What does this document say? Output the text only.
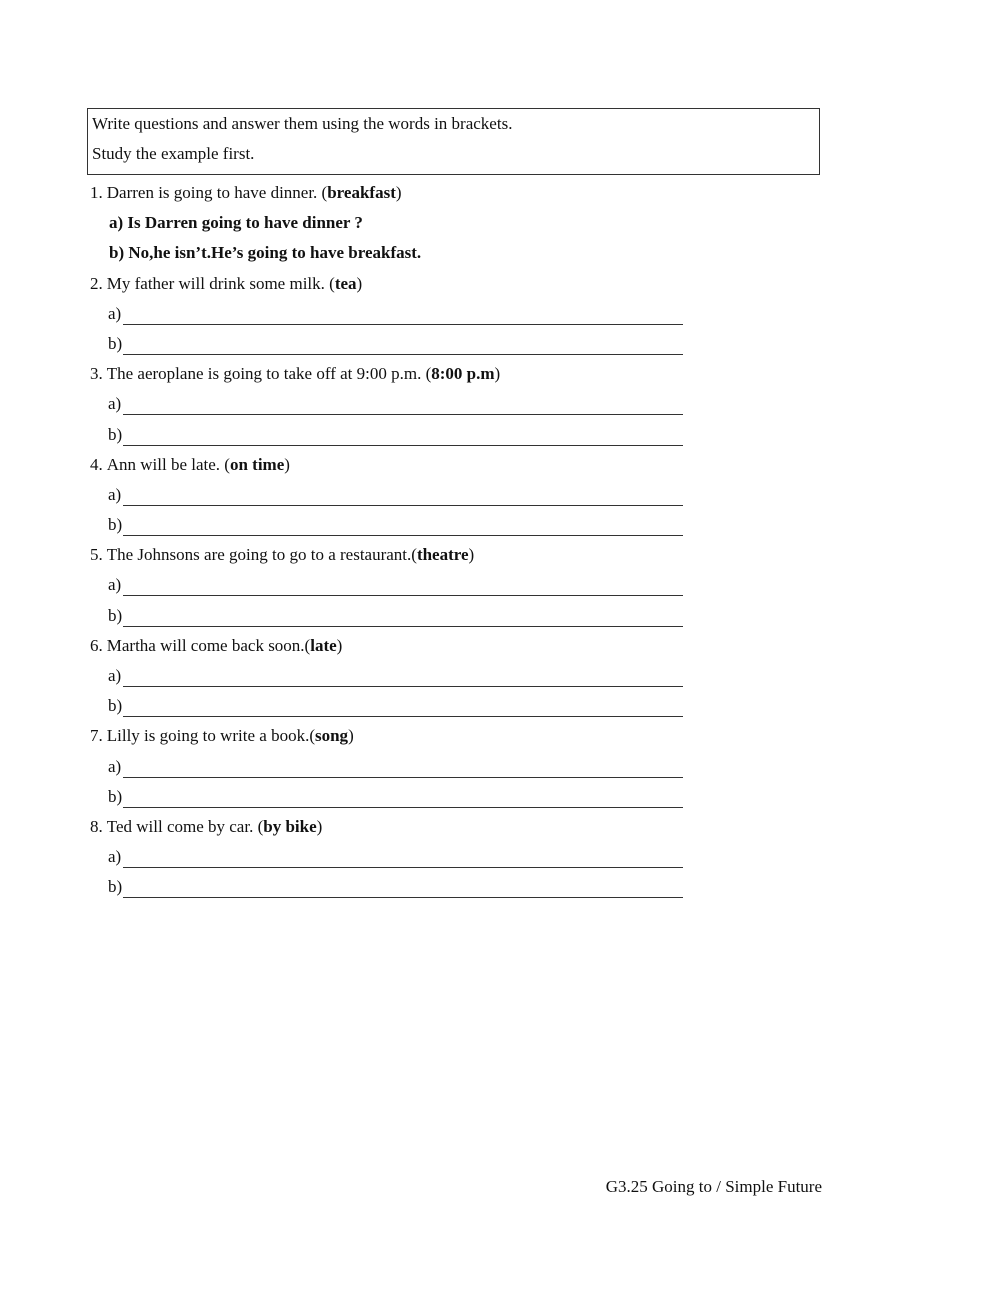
Write questions and answer them using the words in brackets.
Study the example first.
1. Darren is going to have dinner. (breakfast)
a) Is Darren going to have dinner ?
b) No,he isn’t.He’s going to have breakfast.
2. My father will drink some milk. (tea)
a)
b)
3. The aeroplane is going to take off at 9:00 p.m. (8:00 p.m)
a)
b)
4. Ann will be late. (on time)
a)
b)
5. The Johnsons are going to go to a restaurant.(theatre)
a)
b)
6. Martha will come back soon.(late)
a)
b)
7. Lilly is going to write a book.(song)
a)
b)
8. Ted will come by car. (by bike)
a)
b)
G3.25 Going to / Simple Future
